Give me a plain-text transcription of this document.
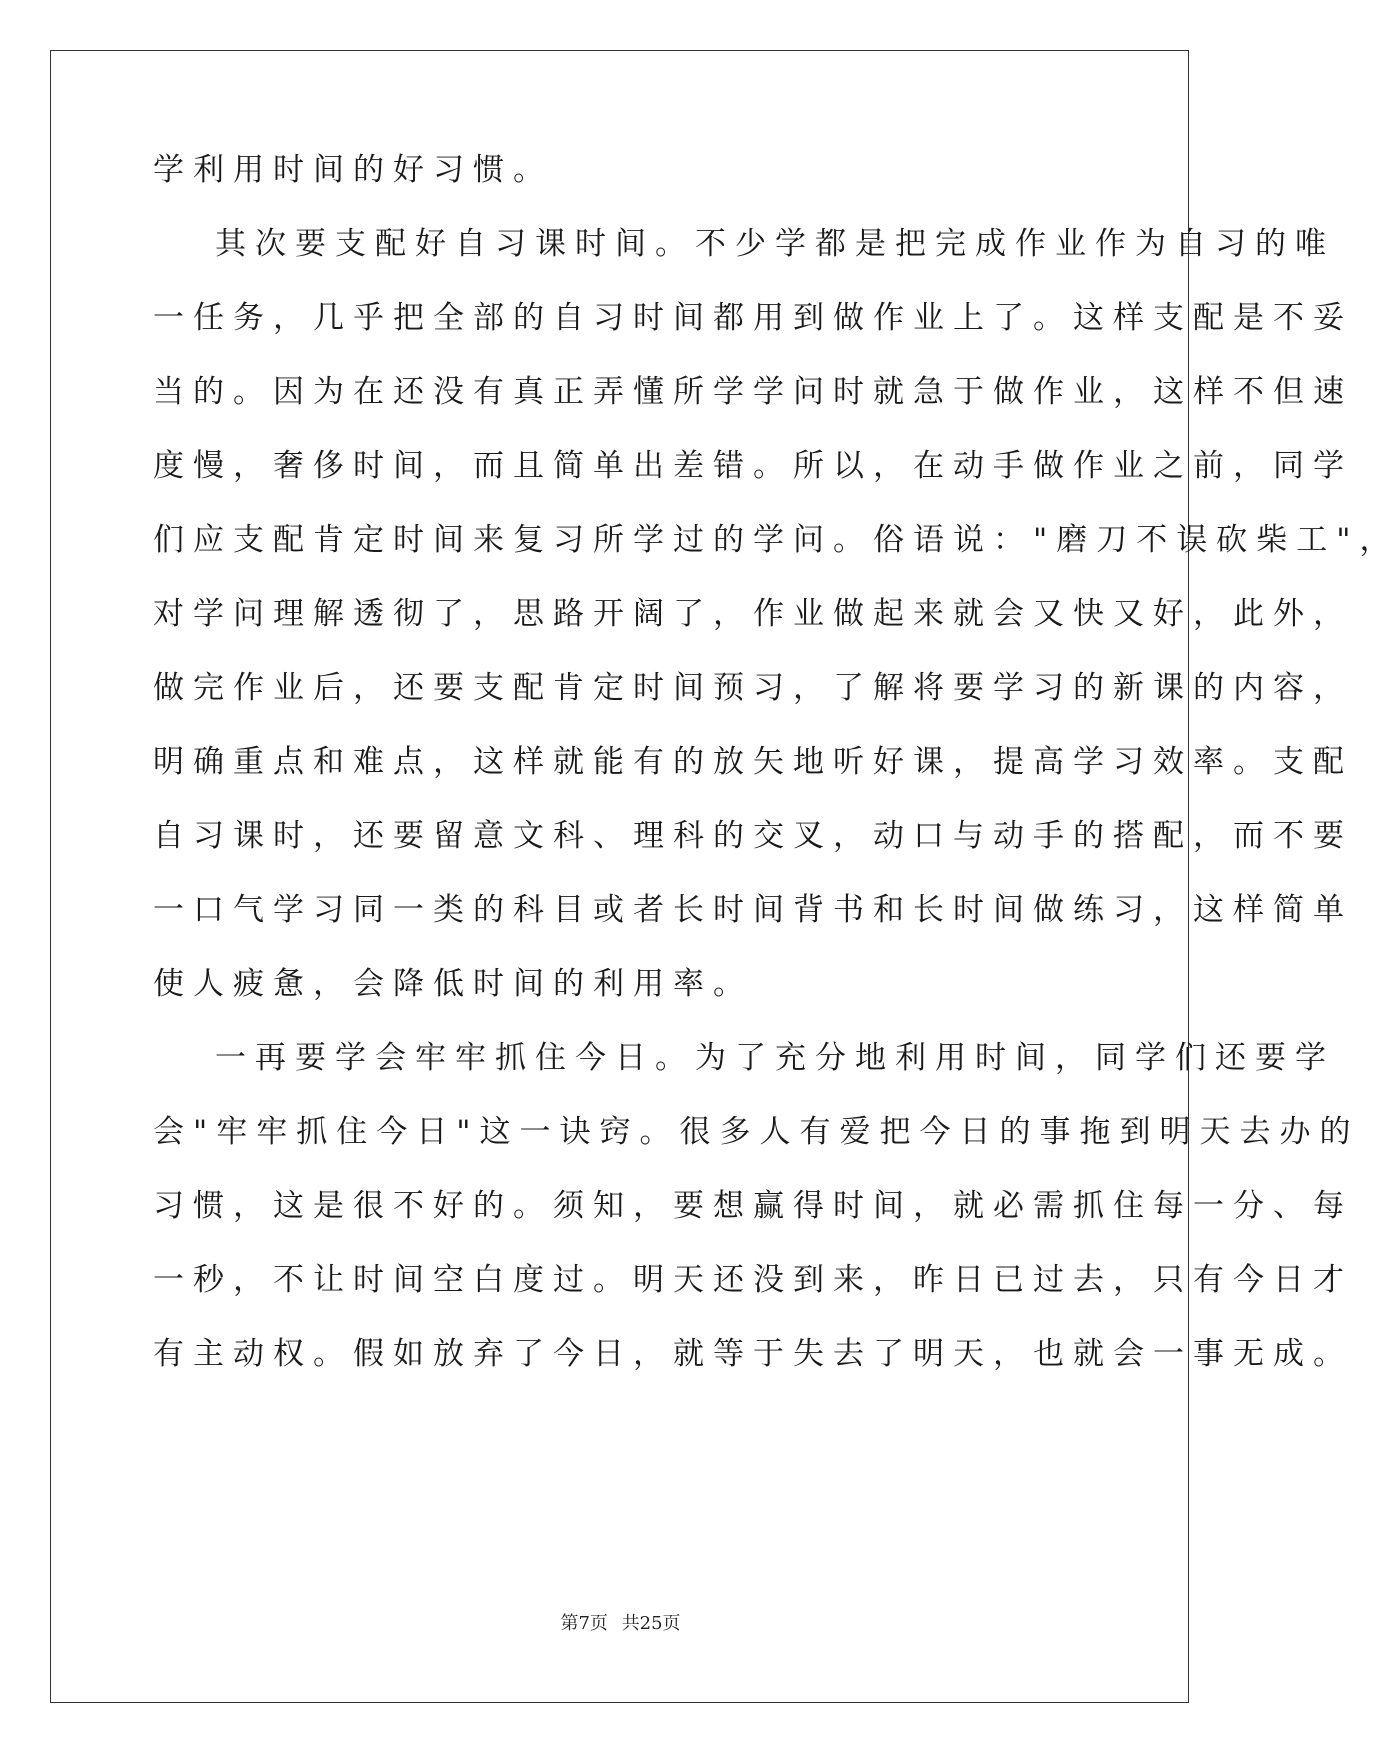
学利用时间的好习惯。

其次要支配好自习课时间。不少学都是把完成作业作为自习的唯

一任务，几乎把全部的自习时间都用到做作业上了。这样支配是不妥

当的。因为在还没有真正弄懂所学学问时就急于做作业，这样不但速

度慢，奢侈时间，而且简单出差错。所以，在动手做作业之前，同学

们应支配肯定时间来复习所学过的学问。俗语说："磨刀不误砍柴工"，

对学问理解透彻了，思路开阔了，作业做起来就会又快又好，此外，

做完作业后，还要支配肯定时间预习，了解将要学习的新课的内容，

明确重点和难点，这样就能有的放矢地听好课，提高学习效率。支配

自习课时，还要留意文科、理科的交叉，动口与动手的搭配，而不要

一口气学习同一类的科目或者长时间背书和长时间做练习，这样简单

使人疲惫，会降低时间的利用率。

一再要学会牢牢抓住今日。为了充分地利用时间，同学们还要学

会"牢牢抓住今日"这一诀窍。很多人有爱把今日的事拖到明天去办的

习惯，这是很不好的。须知，要想赢得时间，就必需抓住每一分、每

一秒，不让时间空白度过。明天还没到来，昨日已过去，只有今日才

有主动权。假如放弃了今日，就等于失去了明天，也就会一事无成。

第7页 共25页
